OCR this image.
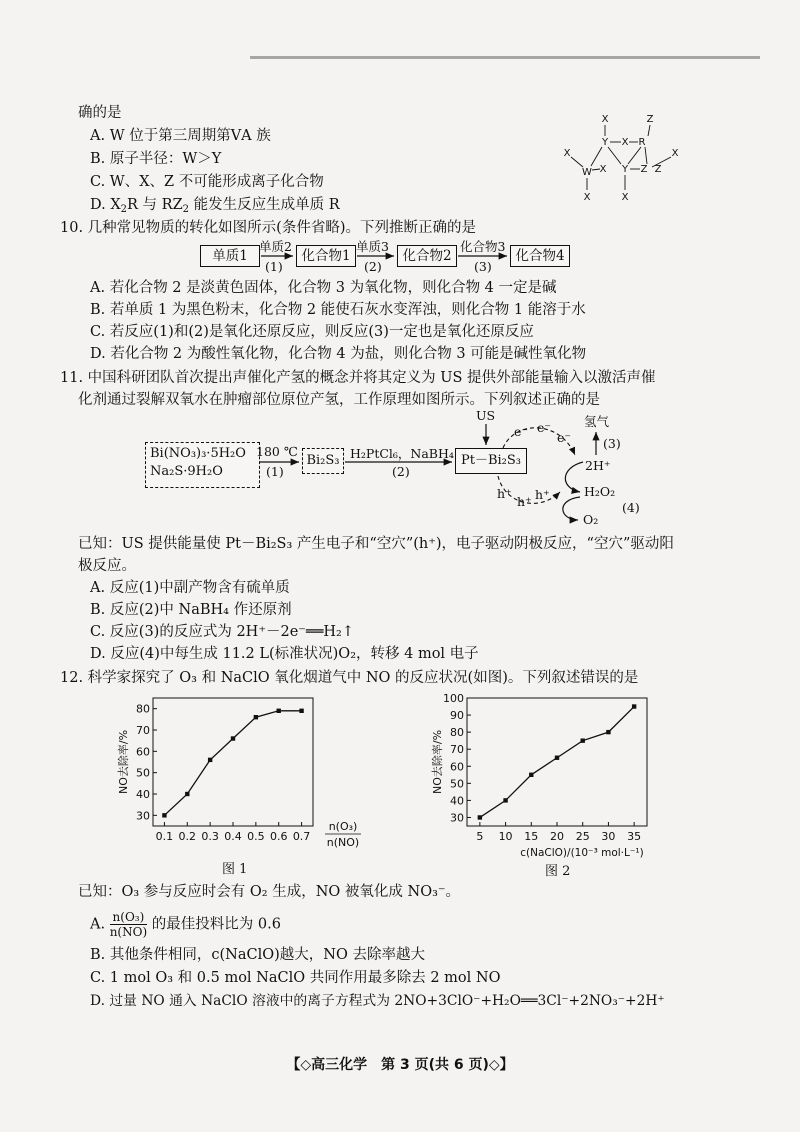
确的是
A. W 位于第三周期第ⅤA 族
B. 原子半径：W＞Y
C. W、X、Z 不可能形成离子化合物
D. $X_2R$ 与 $RZ_2$ 能发生反应生成单质 R
X	Z
Y X R
X	X
W X Y Z Z
X	X
10. 几种常见物质的转化如图所示(条件省略)。下列推断正确的是
单质1	化合物1	化合物2	化合物4
单质2
(1)
单质3
(2)
化合物3
(3)
A. 若化合物 2 是淡黄色固体，化合物 3 为氧化物，则化合物 4 一定是碱
B. 若单质 1 为黑色粉末，化合物 2 能使石灰水变浑浊，则化合物 1 能溶于水
C. 若反应(1)和(2)是氧化还原反应，则反应(3)一定也是氧化还原反应
D. 若化合物 2 为酸性氧化物，化合物 4 为盐，则化合物 3 可能是碱性氧化物
11. 中国科研团队首次提出声催化产氢的概念并将其定义为 US 提供外部能量输入以激活声催
化剂通过裂解双氧水在肿瘤部位原位产氢，工作原理如图所示。下列叙述正确的是
Bi(NO₃)₃·5H₂O
Na₂S·9H₂O
Bi₂S₃	Pt－Bi₂S₃
180 ℃
(1)
H₂PtCl₆，NaBH₄
(2)
US
e⁻ e⁻
e⁻
h⁺
h⁺ h⁺
氢气
(3)
2H⁺
H₂O₂
(4)
O₂
已知：US 提供能量使 Pt－Bi₂S₃ 产生电子和“空穴”(h⁺)，电子驱动阴极反应，“空穴”驱动阳
极反应。
A. 反应(1)中副产物含有硫单质
B. 反应(2)中 NaBH₄ 作还原剂
C. 反应(3)的反应式为 2H⁺－2e⁻══H₂↑
D. 反应(4)中每生成 11.2 L(标准状况)O₂，转移 4 mol 电子
12. 科学家探究了 O₃ 和 NaClO 氧化烟道气中 NO 的反应状况(如图)。下列叙述错误的是
30
40
50
60
70
80
0.1 0.2 0.3 0.4 0.5 0.6 0.7
NO去除率/%
n(O₃)
n(NO)
30
40
50
60
70
80
90
100
5 10 15 20 25 30 35
NO去除率/%
c(NaClO)/(10⁻³ mol·L⁻¹)
图 1	图 2
已知：O₃ 参与反应时会有 O₂ 生成，NO 被氧化成 NO₃⁻。
A. $\frac{\text{n(O₃)}}{n(NO)}$ 的最佳投料比为 0.6
B. 其他条件相同，c(NaClO)越大，NO 去除率越大
C. 1 mol O₃ 和 0.5 mol NaClO 共同作用最多除去 2 mol NO
D. 过量 NO 通入 NaClO 溶液中的离子方程式为 2NO+3ClO⁻+H₂O══3Cl⁻+2NO₃⁻+2H⁺
【◇高三化学　第 3 页(共 6 页)◇】
